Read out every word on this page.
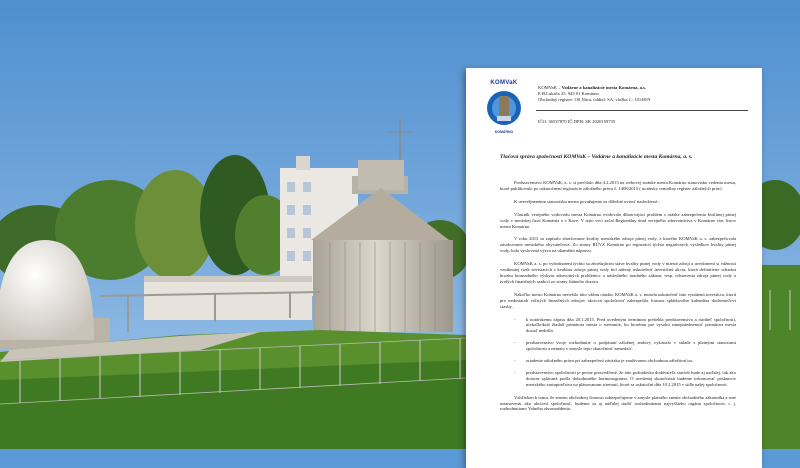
KOMVaK
KOMÁRNO
KOMVaK – Vodárne a kanalizácie mesta Komárna, a.s.
E.B.Lukáča 25, 945 01 Komárno
Obchodný register: OS Nitra, oddiel: SA, vložka č.: 10148/N
IČO: 36537870 IČ DPH: SK 2020159735
Tlačová správa spoločnosti KOMVaK – Vodárne a kanalizácie mesta Komárna, a. s.

Predstavenstvo KOMVaK, a. s. si prečítalo dňa 4.2.2015 na webovej stránke mesta Komárno stanovisko vedenia mesta, ktoré publikovalo po uskutočnení registrácie záložného práva č. 1408/2015 ( notársky centrálny register záložných práv).

K uvereřjnenému stanovisku mesta považujeme za dôležité uviesť nasledovné :

Vlastník verejného vodovodu mesta Komárno evidovalo dlhotrvajúci problém s otázke zabezpečenia kvalitnej pitnej vody v mestskej časti Komárna a v Kave. V tejto veci začal Regionálny úrad verejného zdravotníctva v Komárne viac listov mesta Komárno.

V roku 2013 sa zapísalo zhoršovanie kvality mestského zdroja pitnej vody, z ktorého KOMVaK a. s. zabezpečovala zásobovanie mestského obyvateľstva. Zo strany RÚVZ Komárno po registrácii týchto negatívnych výsledkov kvality pitnej vody, bola vyslovená výzva na okamžitú nápravu.

KOMVaK a. s. po vyhodnotení týchto sa zhoršujúcim stave kvality pitnej vody v mieste zdroji a uvedomení si vážnosti vzniknutej rizík súvisiacich s kvalitou zdroja pitnej vody bol nútený uskutočniť investičnú akciu, ktorá definitívne odstráni hrozbu hromadného výskytu zdravotných problémov a následného úradného zákazu, resp. odstavenia zdroja pitnej vody a tvrdých finančných sankcií zo strany štátneho dozoru.

Nakoľko mesto Komárno neriešilo túto vážnu otázku, KOMVaK a. s. musela uskutočniť túto vynútenú investíciu, ktorú pre nedostatok voľných finančných zdrojov akciová spoločnosť zabezpečila formou splátkového kalendára dodávateľovi stavby.

- k notárskemu zápisu dňa 20.1.2015. Pred uvedeným termínom prebehla predstavenstva a riaditeľ spoločnosti, niekoľkokrát žiadali primátora mesta o stretnutie, ku ktorému pre vysokú zaneprázdnenosť primátora mesta dosiaľ nedošlo.
- predstavenstvo svoje rozhodnutie o podpísaní záložnej zmluvy vykonalo v súlade s platnými stanovami spoločnosti a nemalo v zmysle tejto skutočnosť zamedziť.
- zriadenie záložného práva pri zabezpečení záväzku je zaužívanou obchodnou záležitosťou.
- predstavenstvo spoločnosti je pevne presvedčené, že táto požiadavka dodávateľa stavieb bude aj naďalej, tak ako doteraz splácaná podľa dohodnutého harmonogramu. O uvedenej skutočnosti budeme informovať poslancov mestského zastupiteľstva na plánovanom stretnutí, ktoré sa uskutoční dňa 10.2.2015 v sídle našej spoločnosti.

Vzhľadom k tomu, že zmenu obchodnej činnosti zabezpečujeme v zmysle platného znenia obchodného zákonníka a sme ustanovená, ako akciová spoločnosť, budeme sa aj naďalej riadiť rozhodnutiami najvyššieho orgánu spoločnosti, t. j. rozhodnutiami Valného zhromaždenia.
